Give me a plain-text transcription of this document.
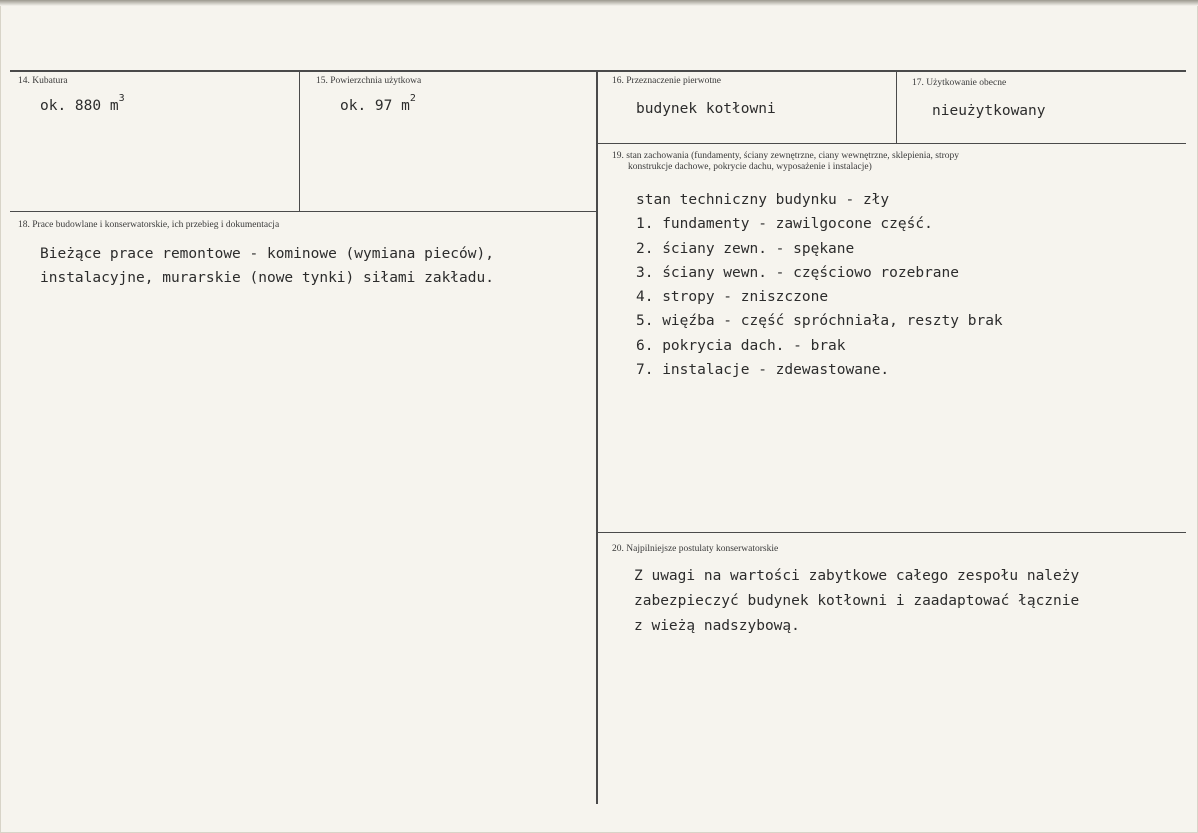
14. Kubatura
ok. 880 $m^3$
15. Powierzchnia użytkowa
ok. 97 $m^2$
16. Przeznaczenie pierwotne
budynek kotłowni
17. Użytkowanie obecne
nieużytkowany
18. Prace budowlane i konserwatorskie, ich przebieg i dokumentacja
Bieżące prace remontowe - kominowe (wymiana pieców),
instalacyjne, murarskie (nowe tynki) siłami zakładu.
19. stan zachowania (fundamenty, ściany zewnętrzne, ciany wewnętrzne, sklepienia, stropy
konstrukcje dachowe, pokrycie dachu, wyposażenie i instalacje)
stan techniczny budynku - zły
1. fundamenty - zawilgocone część.
2. ściany zewn. - spękane
3. ściany wewn. - częściowo rozebrane
4. stropy - zniszczone
5. więźba - część spróchniała, reszty brak
6. pokrycia dach. - brak
7. instalacje - zdewastowane.
20. Najpilniejsze postulaty konserwatorskie
Z uwagi na wartości zabytkowe całego zespołu należy
zabezpieczyć budynek kotłowni i zaadaptować łącznie
z wieżą nadszybową.
